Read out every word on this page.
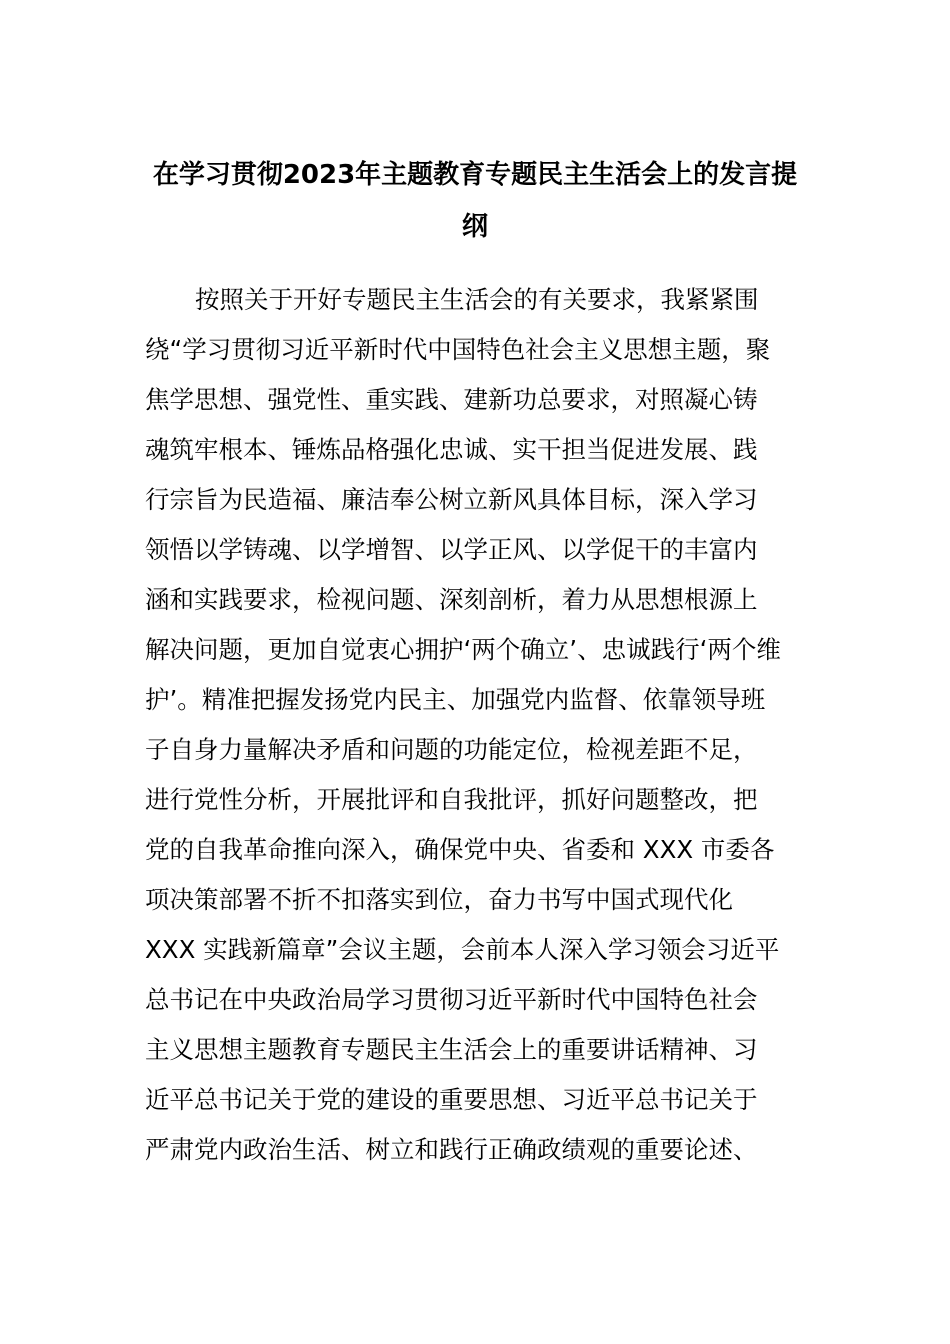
在学习贯彻2023年主题教育专题民主生活会上的发言提
纲
按照关于开好专题民主生活会的有关要求，我紧紧围
绕“学习贯彻习近平新时代中国特色社会主义思想主题，聚
焦学思想、强党性、重实践、建新功总要求，对照凝心铸
魂筑牢根本、锤炼品格强化忠诚、实干担当促进发展、践
行宗旨为民造福、廉洁奉公树立新风具体目标，深入学习
领悟以学铸魂、以学增智、以学正风、以学促干的丰富内
涵和实践要求，检视问题、深刻剖析，着力从思想根源上
解决问题，更加自觉衷心拥护‘两个确立’、忠诚践行‘两个维
护’。精准把握发扬党内民主、加强党内监督、依靠领导班
子自身力量解决矛盾和问题的功能定位，检视差距不足，
进行党性分析，开展批评和自我批评，抓好问题整改，把
党的自我革命推向深入，确保党中央、省委和 XXX 市委各
项决策部署不折不扣落实到位，奋力书写中国式现代化
XXX 实践新篇章”会议主题，会前本人深入学习领会习近平
总书记在中央政治局学习贯彻习近平新时代中国特色社会
主义思想主题教育专题民主生活会上的重要讲话精神、习
近平总书记关于党的建设的重要思想、习近平总书记关于
严肃党内政治生活、树立和践行正确政绩观的重要论述、
